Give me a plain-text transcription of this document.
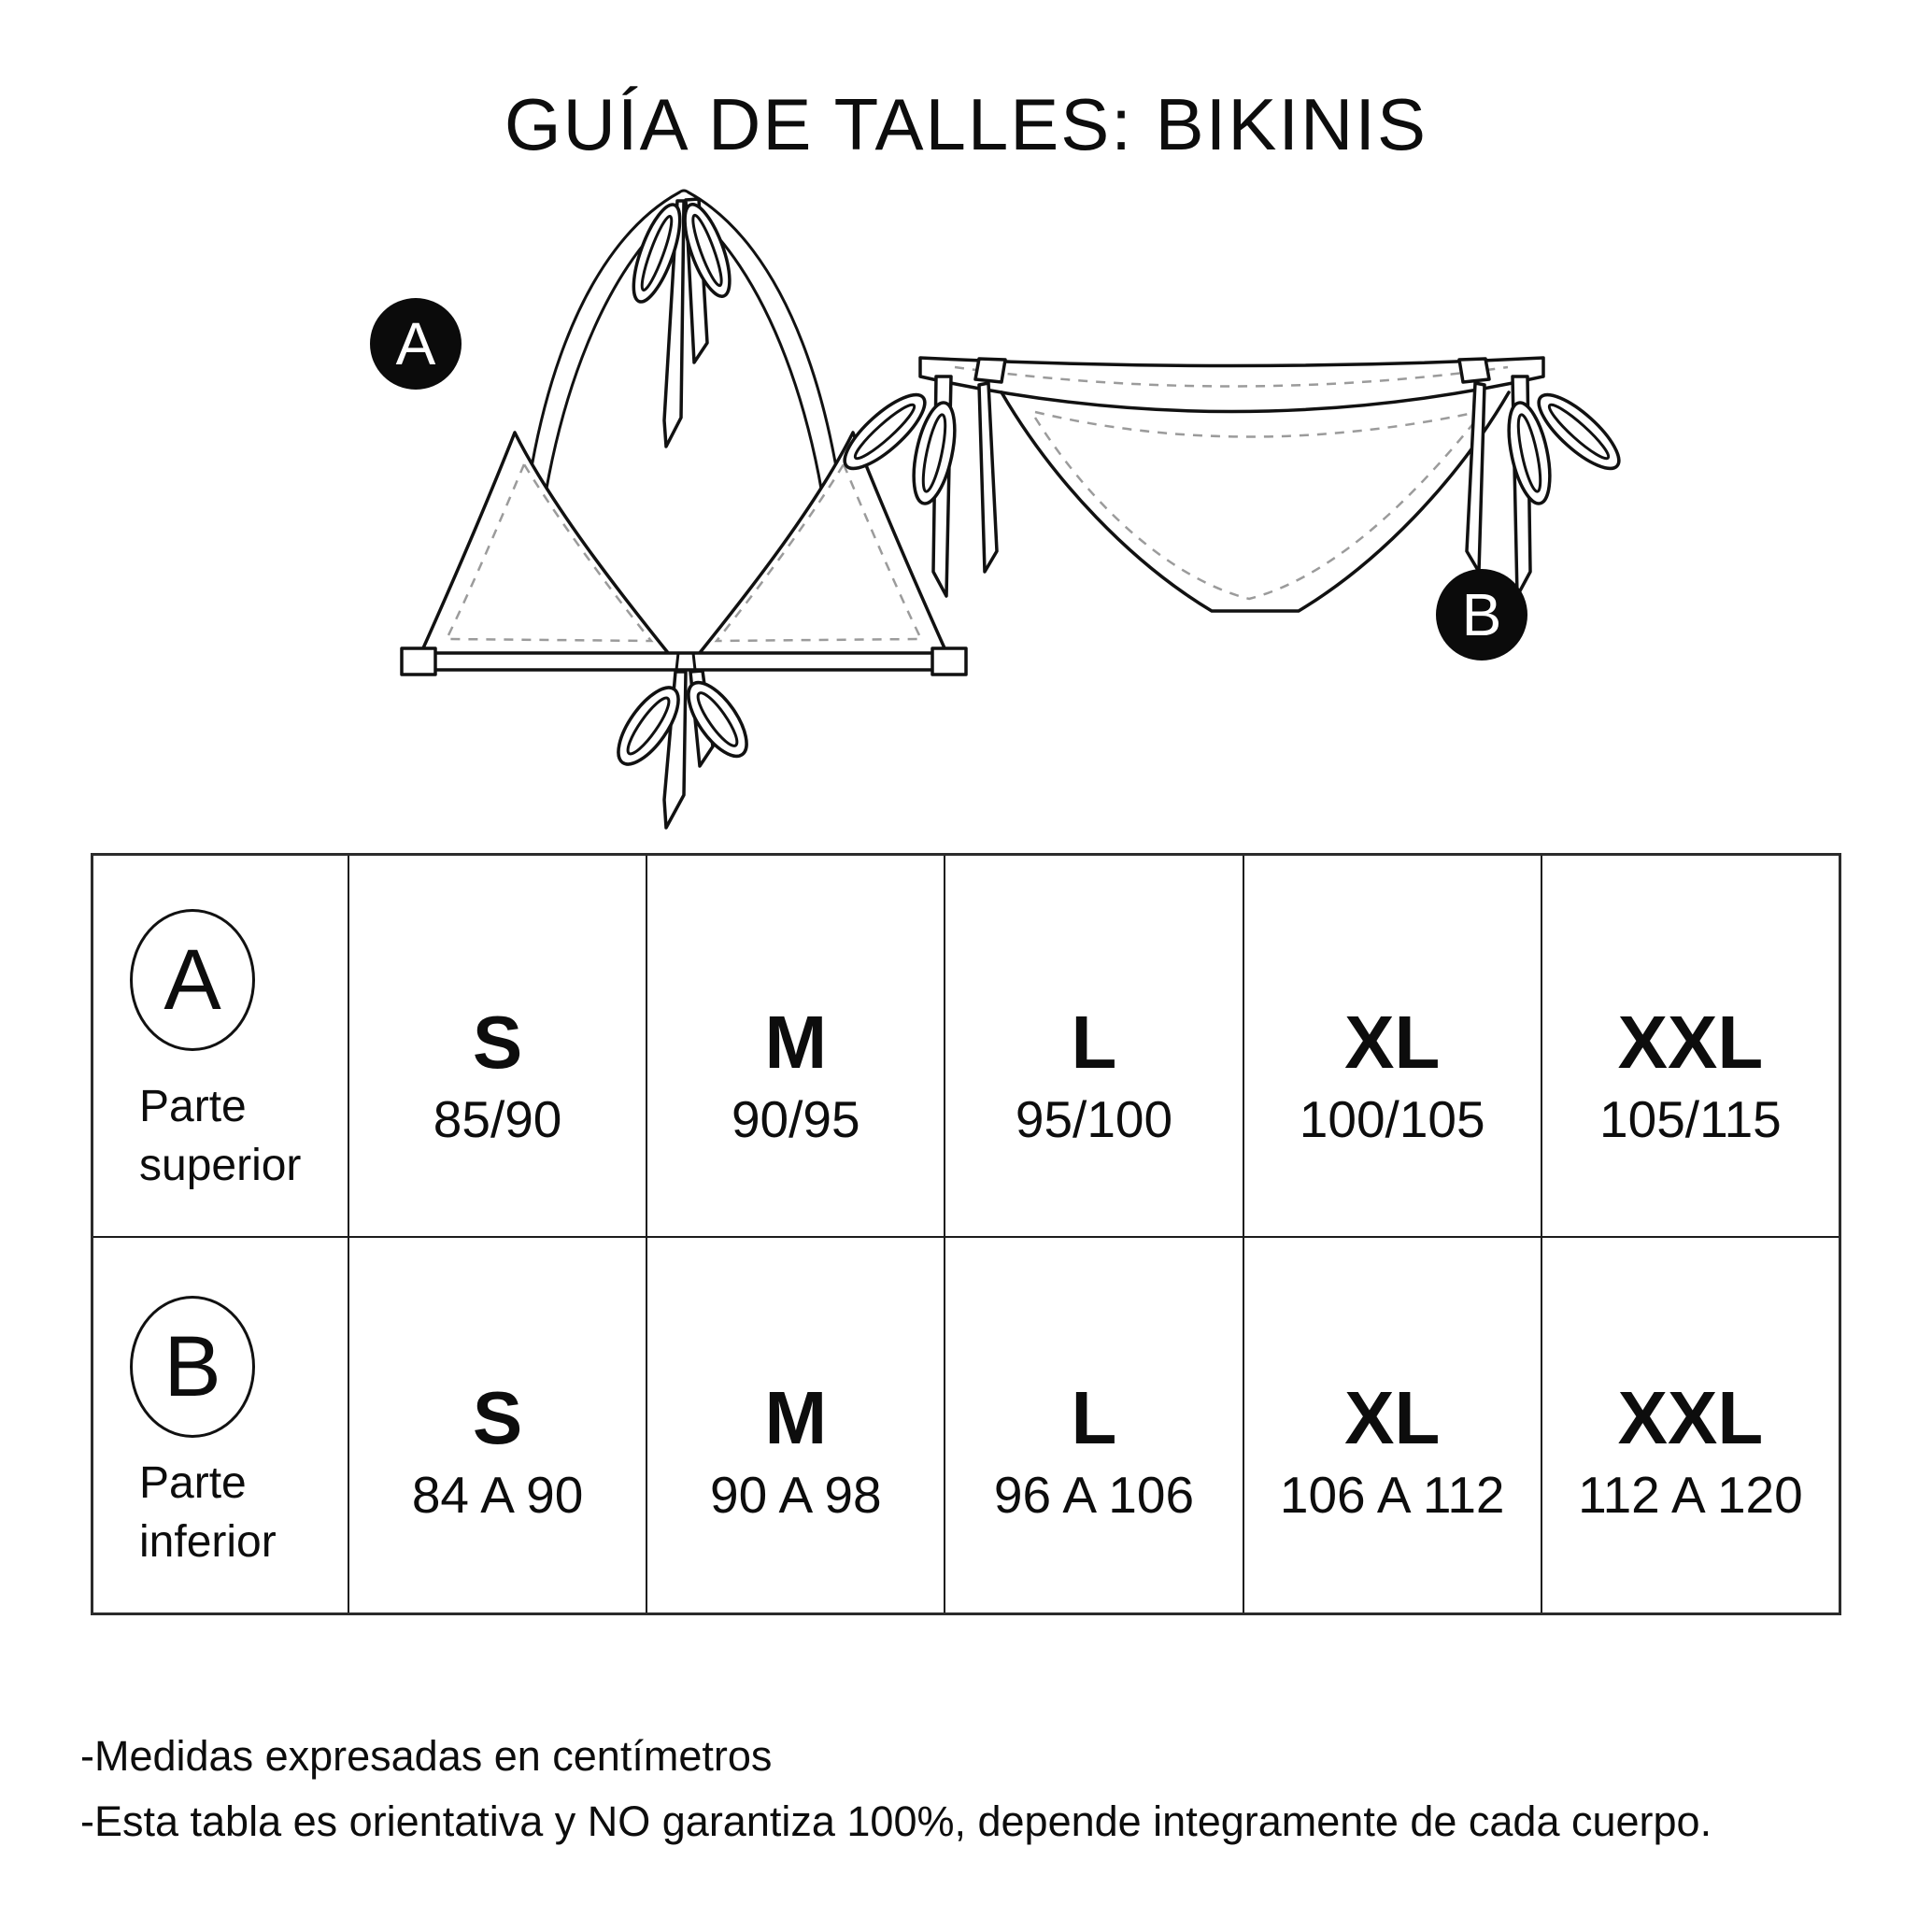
GUÍA DE TALLES: BIKINIS
A
B
A
Parte superior
S
85/90
M
90/95
L
95/100
XL
100/105
XXL
105/115
B
Parte inferior
S
84 A 90
M
90 A 98
L
96 A 106
XL
106 A 112
XXL
112 A 120
-Medidas expresadas en centímetros
-Esta tabla es orientativa y NO garantiza 100%, depende integramente de cada cuerpo.
